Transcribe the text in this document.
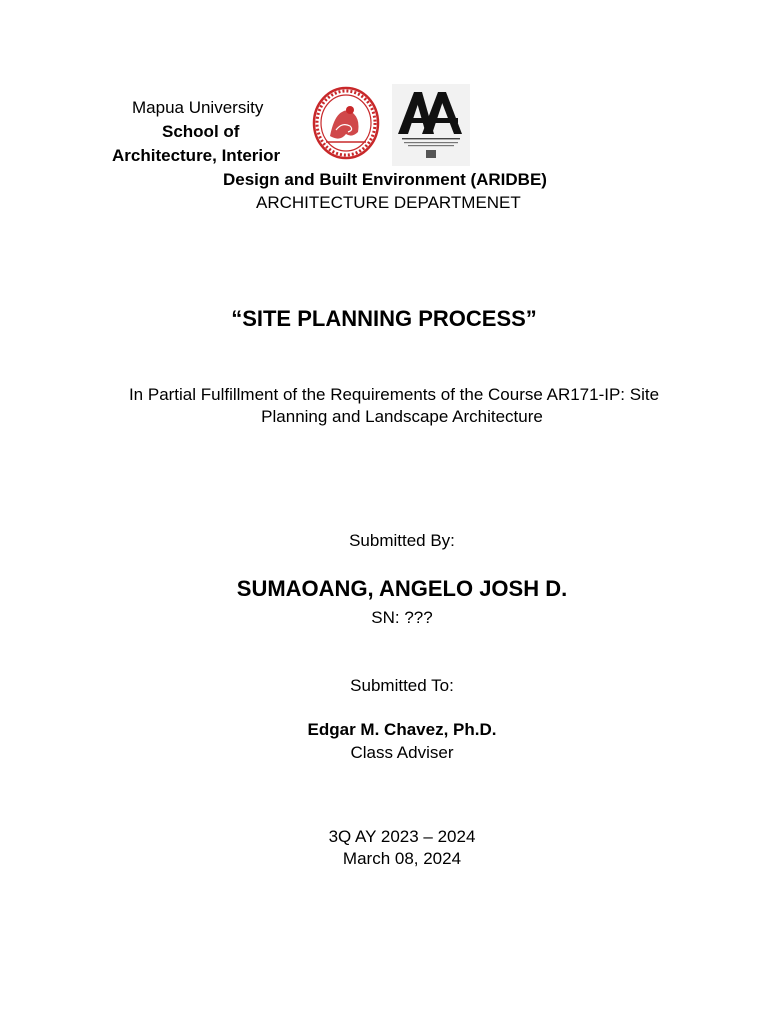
Mapua University
School of
Architecture, Interior
Design and Built Environment (ARIDBE)
ARCHITECTURE DEPARTMENET
“SITE PLANNING PROCESS”
In Partial Fulfillment of the Requirements of the Course AR171-IP: Site
Planning and Landscape Architecture
Submitted By:
SUMAOANG, ANGELO JOSH D.
SN: ???
Submitted To:
Edgar M. Chavez, Ph.D.
Class Adviser
3Q AY 2023 – 2024
March 08, 2024
